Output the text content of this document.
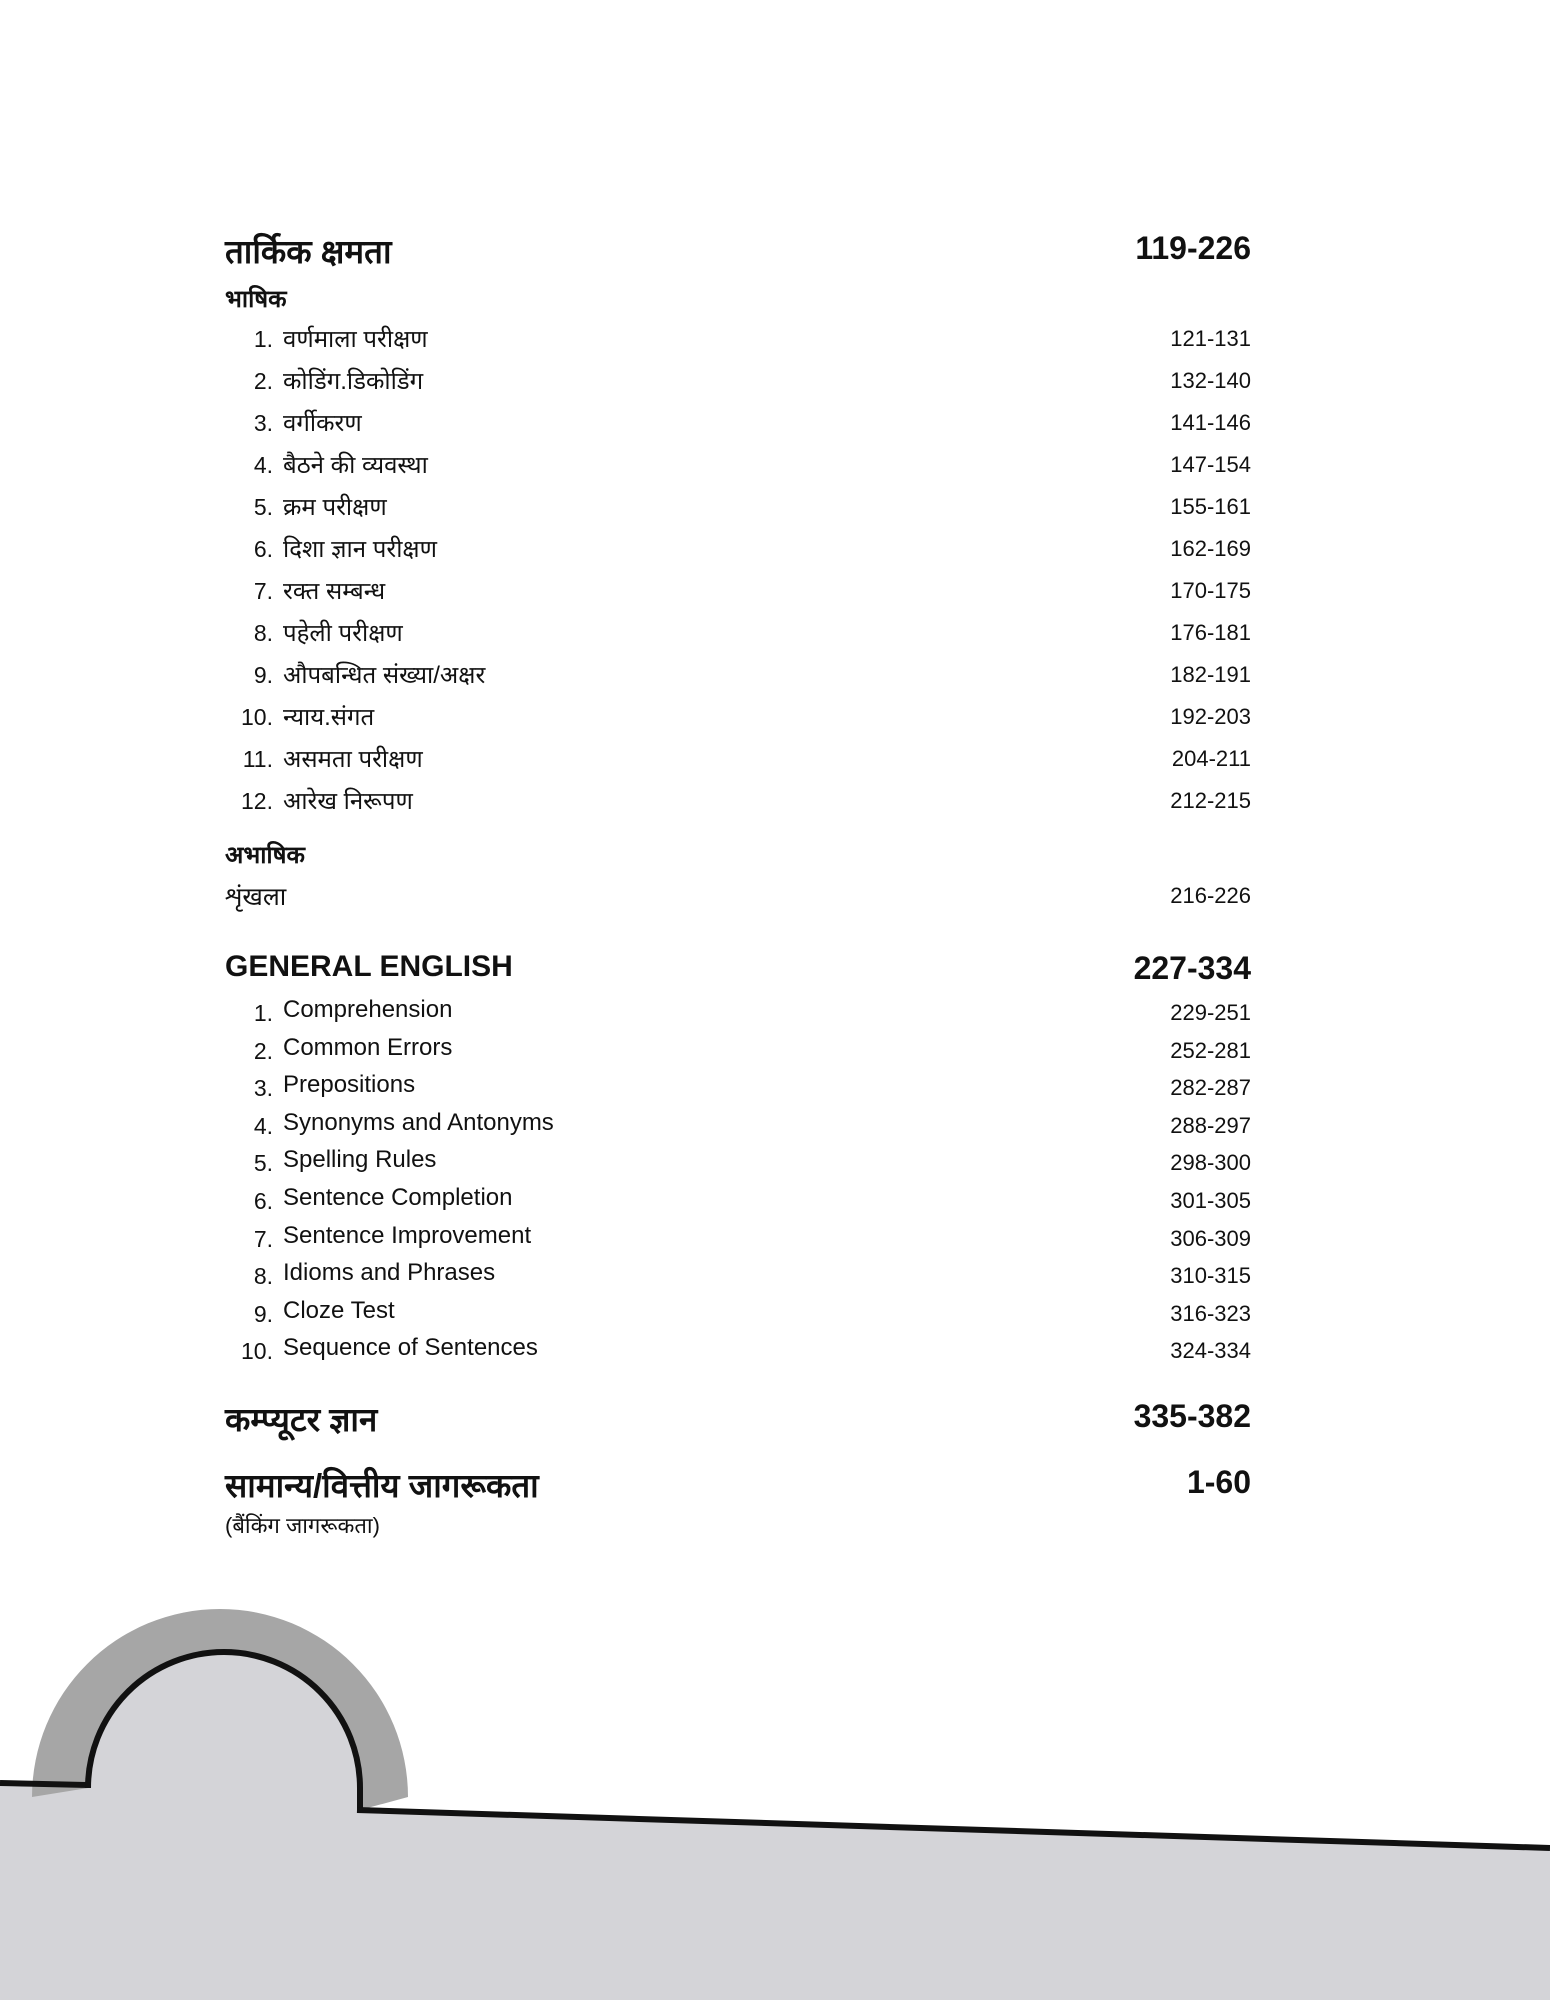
तार्किक क्षमता	119-226
भाषिक
1. वर्णमाला परीक्षण	121-131
2. कोडिंग.डिकोडिंग	132-140
3. वर्गीकरण	141-146
4. बैठने की व्यवस्था	147-154
5. क्रम परीक्षण	155-161
6. दिशा ज्ञान परीक्षण	162-169
7. रक्त सम्बन्ध	170-175
8. पहेली परीक्षण	176-181
9. औपबन्धित संख्या/अक्षर	182-191
10. न्याय.संगत	192-203
11. असमता परीक्षण	204-211
12. आरेख निरूपण	212-215
अभाषिक
शृंखला	216-226
GENERAL ENGLISH	227-334
1. Comprehension	229-251
2. Common Errors	252-281
3. Prepositions	282-287
4. Synonyms and Antonyms	288-297
5. Spelling Rules	298-300
6. Sentence Completion	301-305
7. Sentence Improvement	306-309
8. Idioms and Phrases	310-315
9. Cloze Test	316-323
10. Sequence of Sentences	324-334
कम्प्यूटर ज्ञान	335-382
सामान्य/वित्तीय जागरूकता	1-60
(बैंकिंग जागरूकता)
